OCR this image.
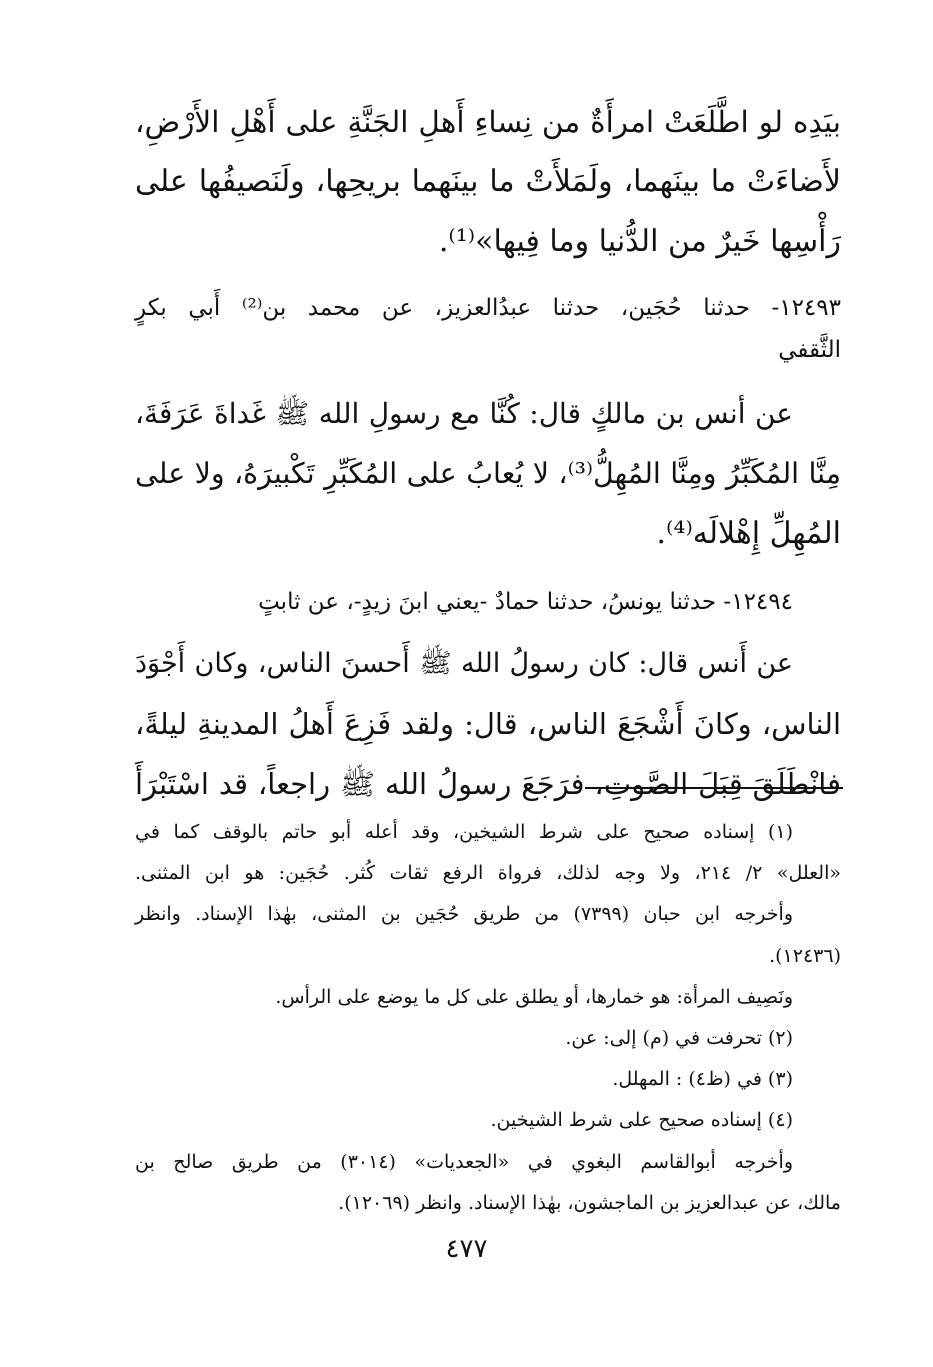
بيَدِه لو اطَّلَعَتْ امرأَةٌ من نِساءِ أَهلِ الجَنَّةِ على أَهْلِ الأَرْضِ،
لأَضاءَتْ ما بينَهما، ولَمَلأَتْ ما بينَهما بريحِها، ولَنَصيفُها على
رَأْسِها خَيرٌ من الدُّنيا وما فِيها»⁽¹⁾.
١٢٤٩٣- حدثنا حُجَين، حدثنا عبدُالعزيز، عن محمد بن⁽²⁾ أَبي بكرٍ
الثَّقفي
عن أنس بن مالكٍ قال: كُنَّا مع رسولِ الله ﷺ غَداةَ عَرَفَةَ،
مِنَّا المُكَبِّرُ ومِنَّا المُهِلُّ⁽³⁾، لا يُعابُ على المُكَبِّرِ تَكْبيرَهُ، ولا على
المُهِلِّ إِهْلالَه⁽⁴⁾.
١٢٤٩٤- حدثنا يونسُ، حدثنا حمادٌ -يعني ابنَ زيدٍ-، عن ثابتٍ
عن أَنس قال: كان رسولُ الله ﷺ أَحسنَ الناس، وكان أَجْوَدَ
الناس، وكانَ أَشْجَعَ الناس، قال: ولقد فَزِعَ أَهلُ المدينةِ ليلةً،
فانْطَلَقَ قِبَلَ الصَّوتِ، فرَجَعَ رسولُ الله ﷺ راجعاً، قد اسْتَبْرَأَ
(١) إسناده صحيح على شرط الشيخين، وقد أعله أبو حاتم بالوقف كما في
«العلل» ٢/ ٢١٤، ولا وجه لذلك، فرواة الرفع ثقات كُثر. حُجَين: هو ابن المثنى.
وأخرجه ابن حبان (٧٣٩٩) من طريق حُجَين بن المثنى، بهٰذا الإسناد. وانظر
(١٢٤٣٦).
ونَصِيف المرأة: هو خمارها، أو يطلق على كل ما يوضع على الرأس.
(٢) تحرفت في (م) إلى: عن.
(٣) في (ظ٤) : المهلل.
(٤) إسناده صحيح على شرط الشيخين.
وأخرجه أبوالقاسم البغوي في «الجعديات» (٣٠١٤) من طريق صالح بن
مالك، عن عبدالعزيز بن الماجشون، بهٰذا الإسناد. وانظر (١٢٠٦٩).
٤٧٧
